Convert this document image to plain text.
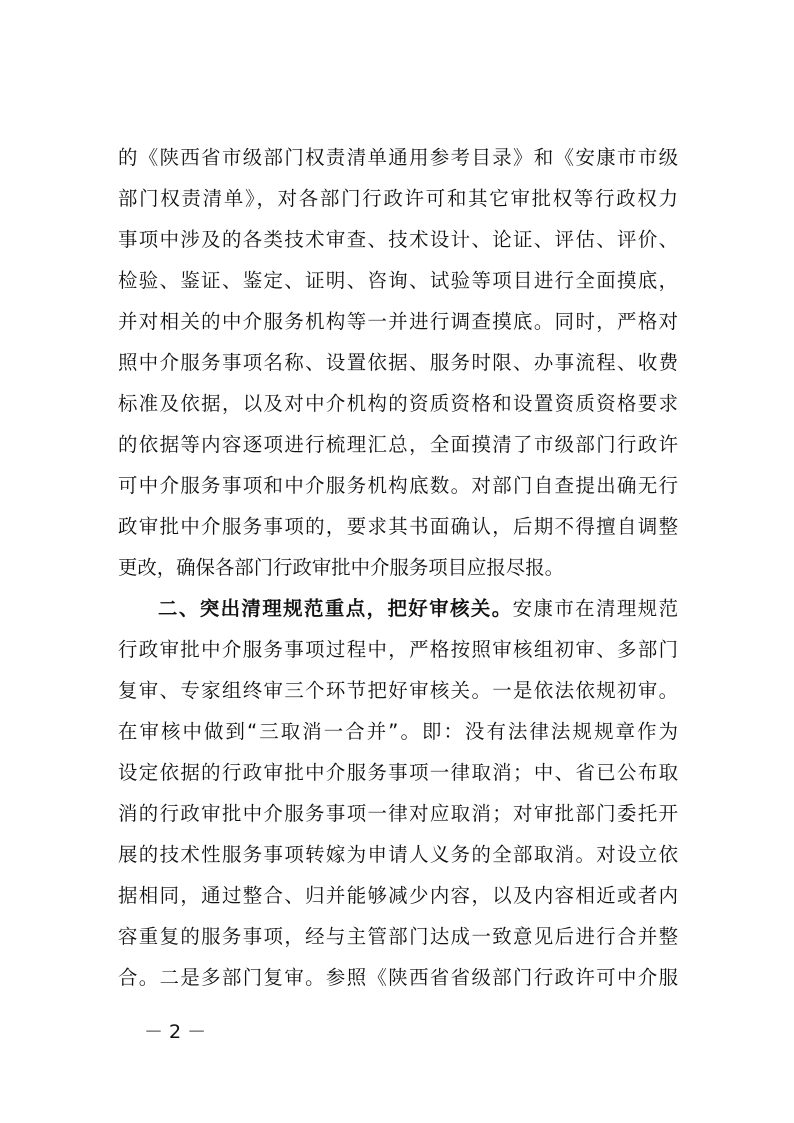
的《陕西省市级部门权责清单通用参考目录》和《安康市市级

部门权责清单》，对各部门行政许可和其它审批权等行政权力

事项中涉及的各类技术审查、技术设计、论证、评估、评价、

检验、鉴证、鉴定、证明、咨询、试验等项目进行全面摸底，

并对相关的中介服务机构等一并进行调查摸底。同时，严格对

照中介服务事项名称、设置依据、服务时限、办事流程、收费

标准及依据，以及对中介机构的资质资格和设置资质资格要求

的依据等内容逐项进行梳理汇总，全面摸清了市级部门行政许

可中介服务事项和中介服务机构底数。对部门自查提出确无行

政审批中介服务事项的，要求其书面确认，后期不得擅自调整

更改，确保各部门行政审批中介服务项目应报尽报。

二、突出清理规范重点，把好审核关。安康市在清理规范

行政审批中介服务事项过程中，严格按照审核组初审、多部门

复审、专家组终审三个环节把好审核关。一是依法依规初审。

在审核中做到“三取消一合并”。即：没有法律法规规章作为

设定依据的行政审批中介服务事项一律取消；中、省已公布取

消的行政审批中介服务事项一律对应取消；对审批部门委托开

展的技术性服务事项转嫁为申请人义务的全部取消。对设立依

据相同，通过整合、归并能够减少内容，以及内容相近或者内

容重复的服务事项，经与主管部门达成一致意见后进行合并整

合。二是多部门复审。参照《陕西省省级部门行政许可中介服

－ 2 －
